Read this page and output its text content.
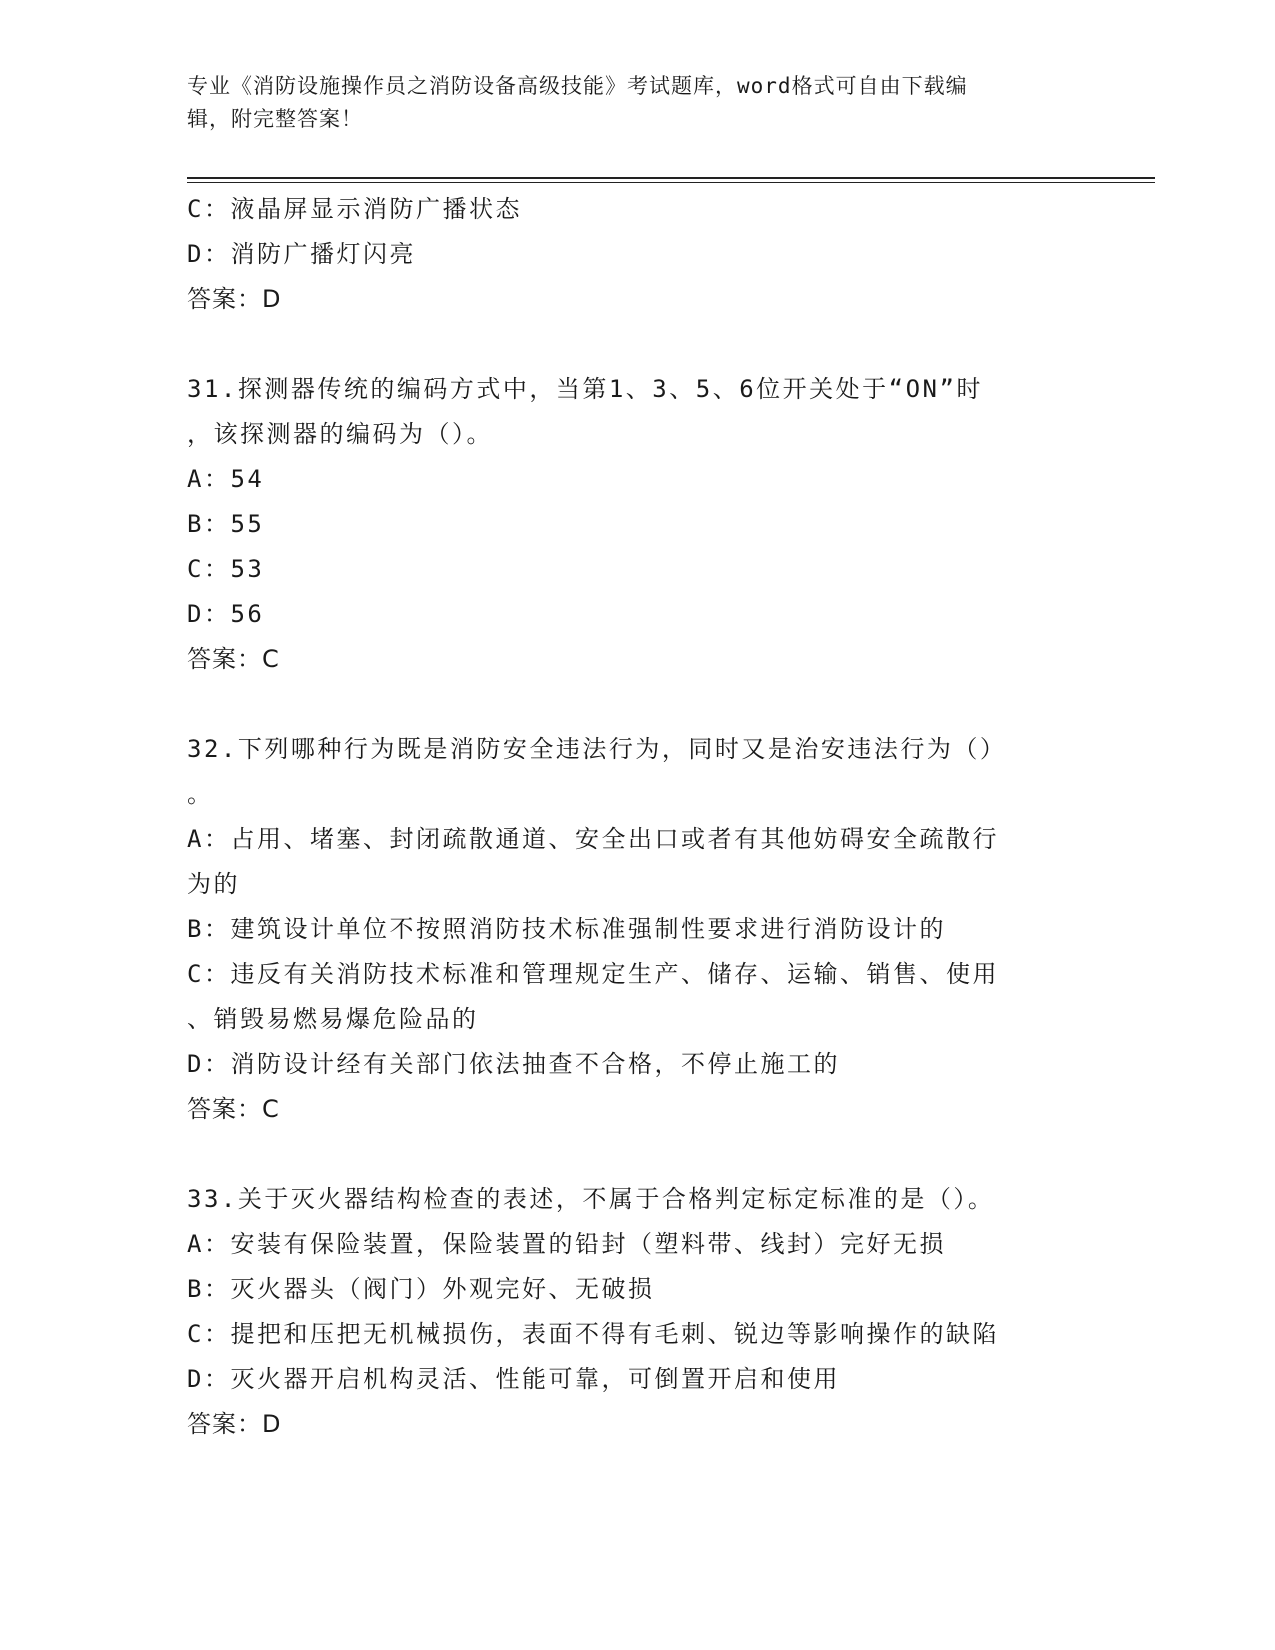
专业《消防设施操作员之消防设备高级技能》考试题库，word格式可自由下载编
辑，附完整答案！
C：液晶屏显示消防广播状态
D：消防广播灯闪亮
答案：D
31.探测器传统的编码方式中，当第1、3、5、6位开关处于“ON”时
，该探测器的编码为（）。
A：54
B：55
C：53
D：56
答案：C
32.下列哪种行为既是消防安全违法行为，同时又是治安违法行为（）
。
A：占用、堵塞、封闭疏散通道、安全出口或者有其他妨碍安全疏散行
为的
B：建筑设计单位不按照消防技术标准强制性要求进行消防设计的
C：违反有关消防技术标准和管理规定生产、储存、运输、销售、使用
、销毁易燃易爆危险品的
D：消防设计经有关部门依法抽查不合格，不停止施工的
答案：C
33.关于灭火器结构检查的表述，不属于合格判定标定标准的是（）。
A：安装有保险装置，保险装置的铅封（塑料带、线封）完好无损
B：灭火器头（阀门）外观完好、无破损
C：提把和压把无机械损伤，表面不得有毛刺、锐边等影响操作的缺陷
D：灭火器开启机构灵活、性能可靠，可倒置开启和使用
答案：D
